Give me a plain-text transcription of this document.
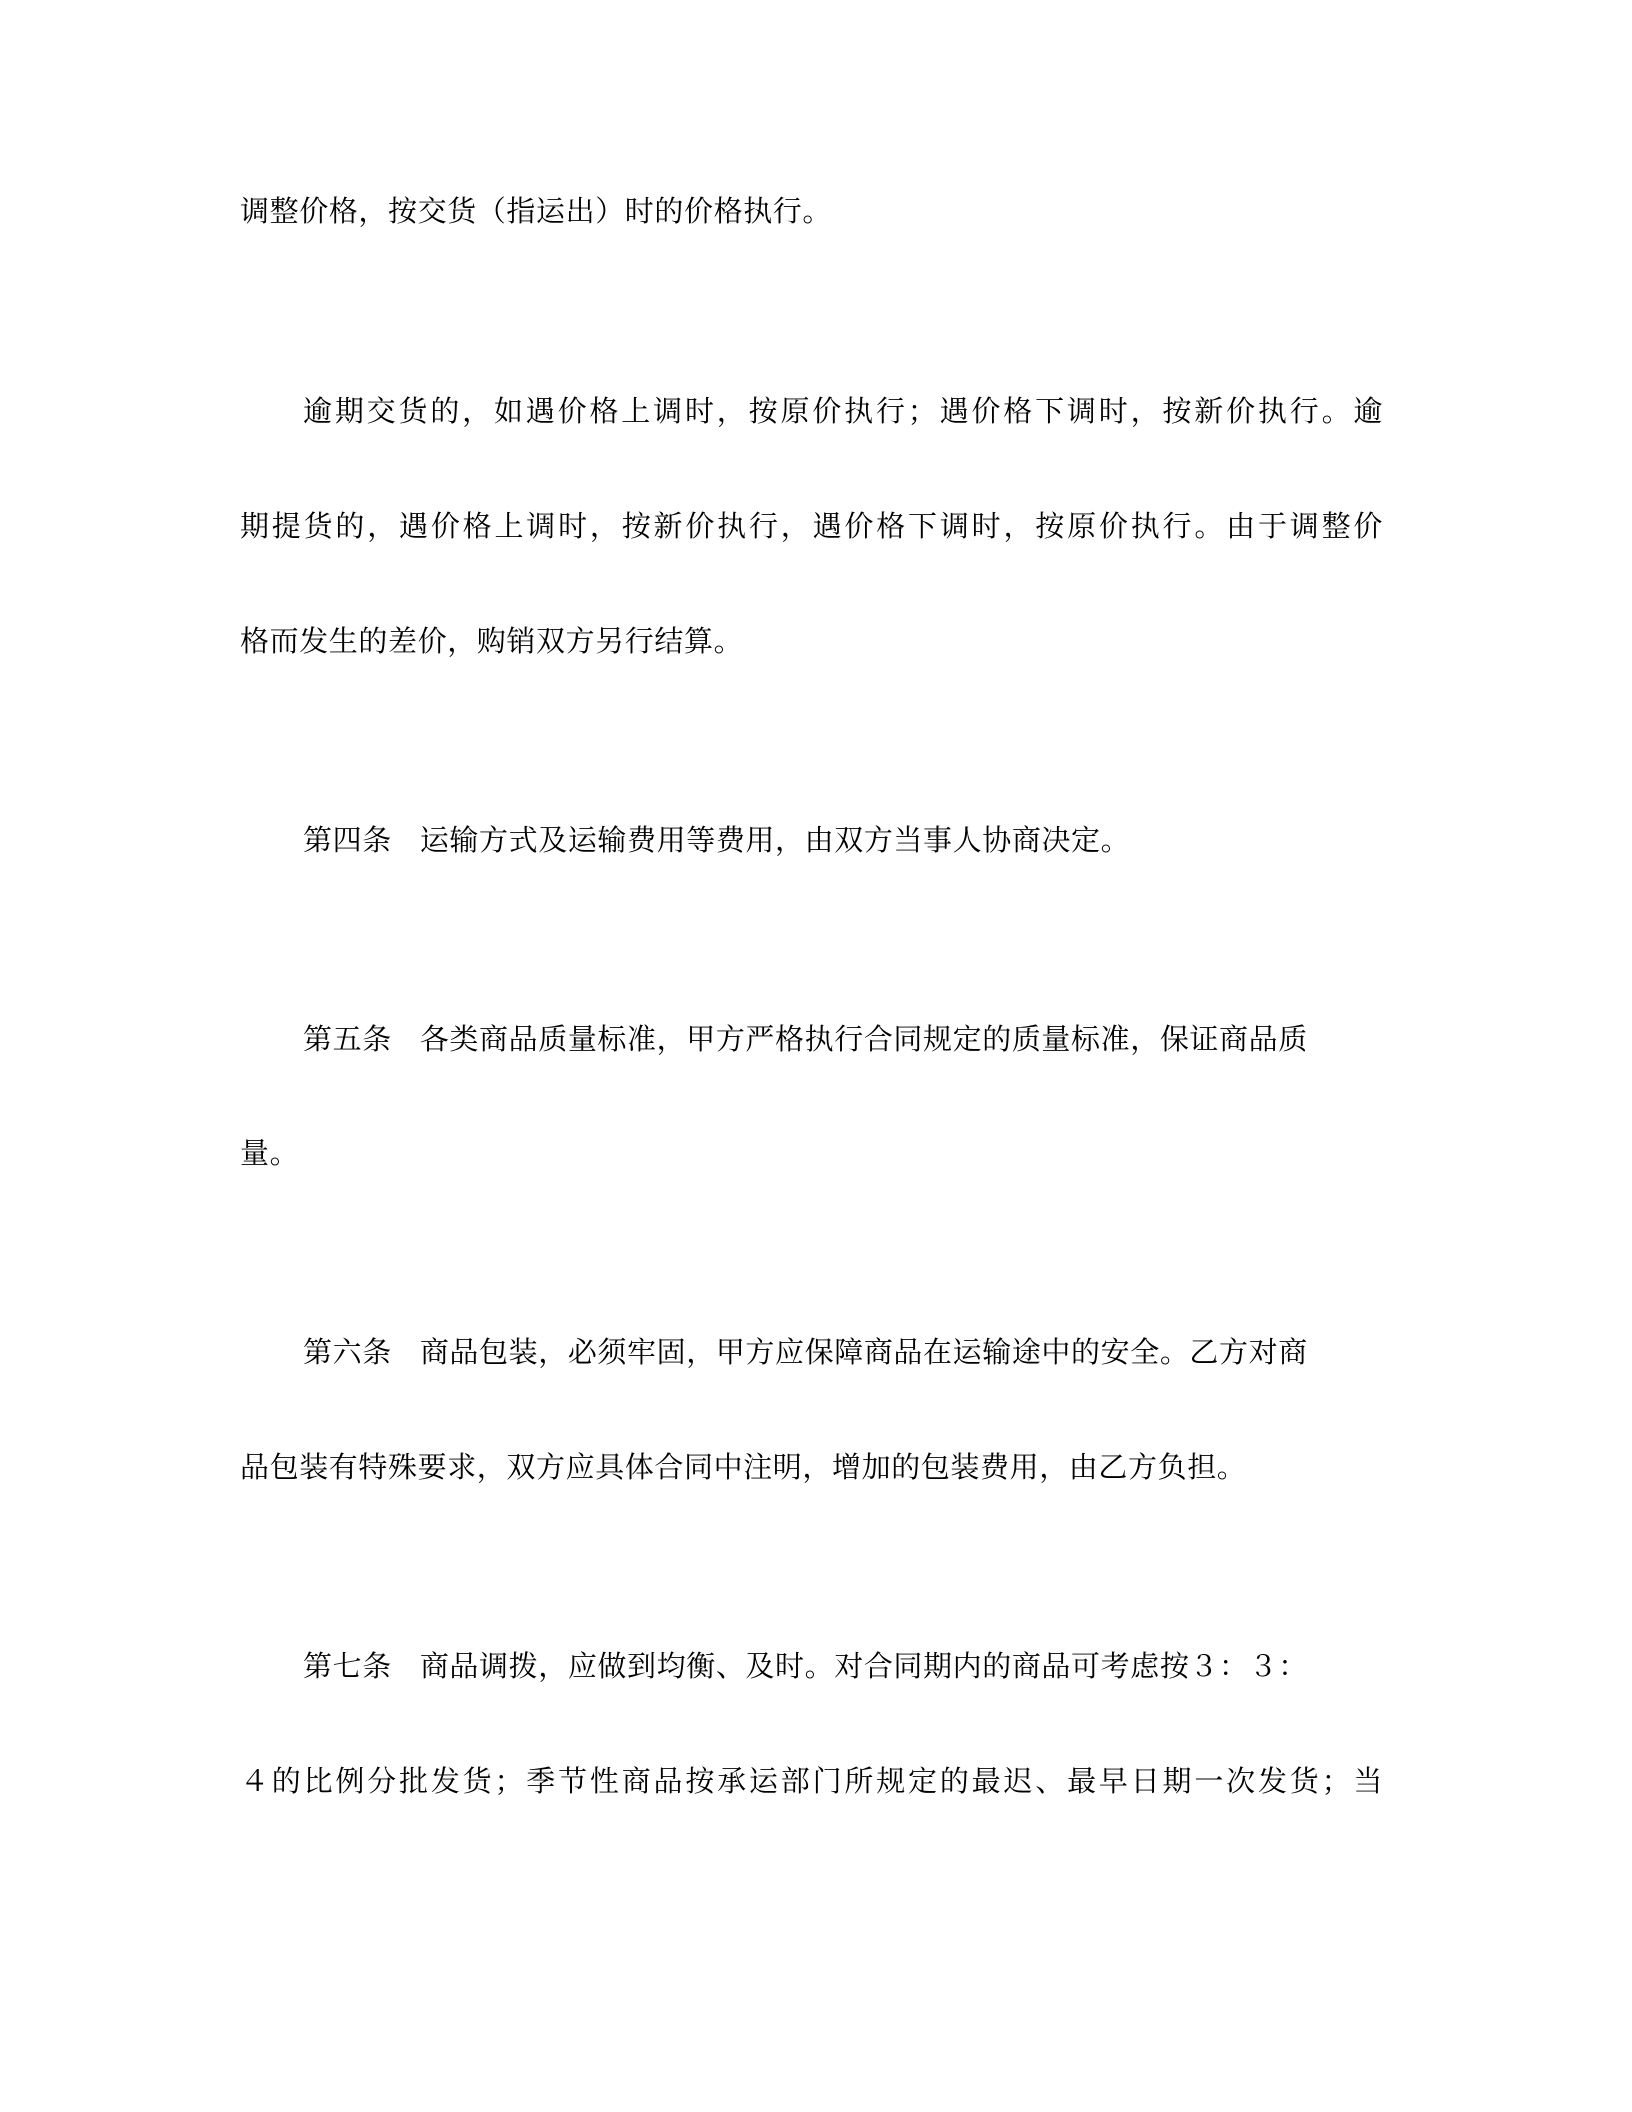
调整价格，按交货（指运出）时的价格执行。
逾期交货的，如遇价格上调时，按原价执行；遇价格下调时，按新价执行。逾
期提货的，遇价格上调时，按新价执行，遇价格下调时，按原价执行。由于调整价
格而发生的差价，购销双方另行结算。
第四条 运输方式及运输费用等费用，由双方当事人协商决定。
第五条 各类商品质量标准，甲方严格执行合同规定的质量标准，保证商品质
量。
第六条 商品包装，必须牢固，甲方应保障商品在运输途中的安全。乙方对商
品包装有特殊要求，双方应具体合同中注明，增加的包装费用，由乙方负担。
第七条 商品调拨，应做到均衡、及时。对合同期内的商品可考虑按３：３：
４的比例分批发货；季节性商品按承运部门所规定的最迟、最早日期一次发货；当
